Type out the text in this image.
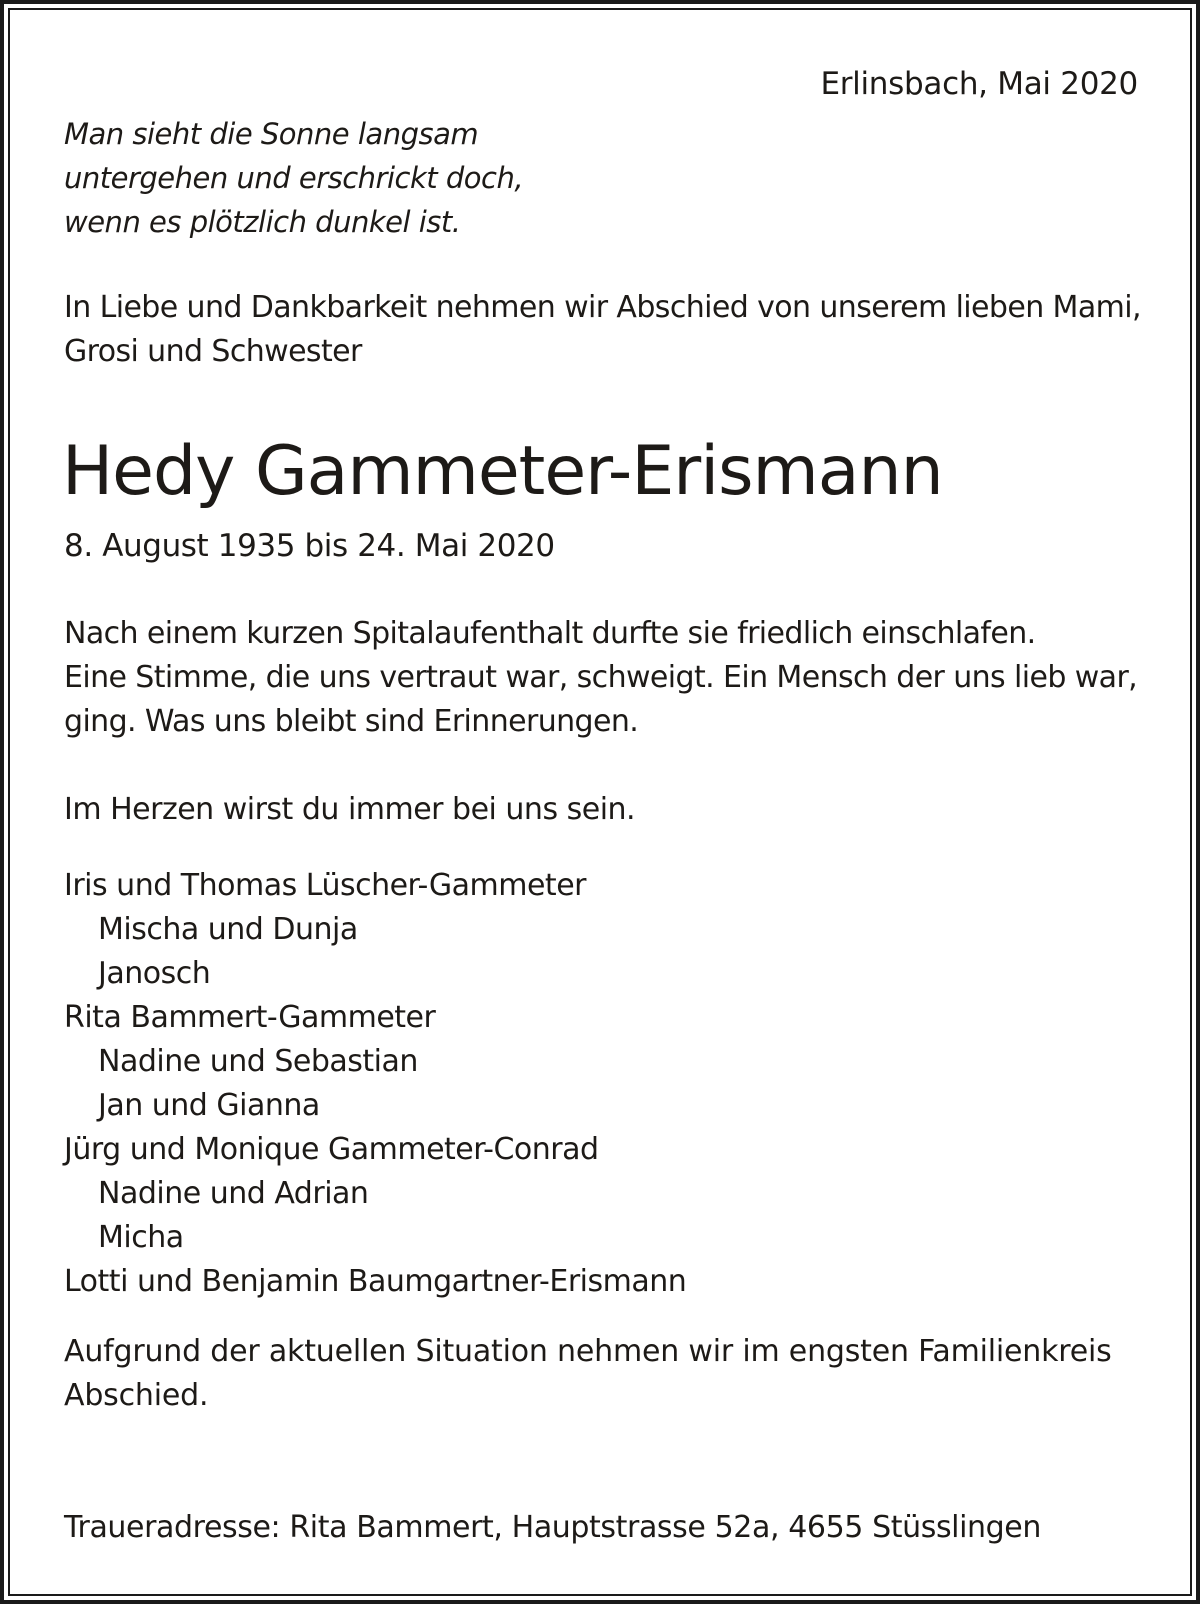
Erlinsbach, Mai 2020
Man sieht die Sonne langsam
untergehen und erschrickt doch,
wenn es plötzlich dunkel ist.
In Liebe und Dankbarkeit nehmen wir Abschied von unserem lieben Mami,
Grosi und Schwester
Hedy Gammeter-Erismann
8. August 1935 bis 24. Mai 2020
Nach einem kurzen Spitalaufenthalt durfte sie friedlich einschlafen.
Eine Stimme, die uns vertraut war, schweigt. Ein Mensch der uns lieb war,
ging. Was uns bleibt sind Erinnerungen.
Im Herzen wirst du immer bei uns sein.
Iris und Thomas Lüscher-Gammeter
Mischa und Dunja
Janosch
Rita Bammert-Gammeter
Nadine und Sebastian
Jan und Gianna
Jürg und Monique Gammeter-Conrad
Nadine und Adrian
Micha
Lotti und Benjamin Baumgartner-Erismann
Aufgrund der aktuellen Situation nehmen wir im engsten Familienkreis
Abschied.
Traueradresse: Rita Bammert, Hauptstrasse 52a, 4655 Stüsslingen
